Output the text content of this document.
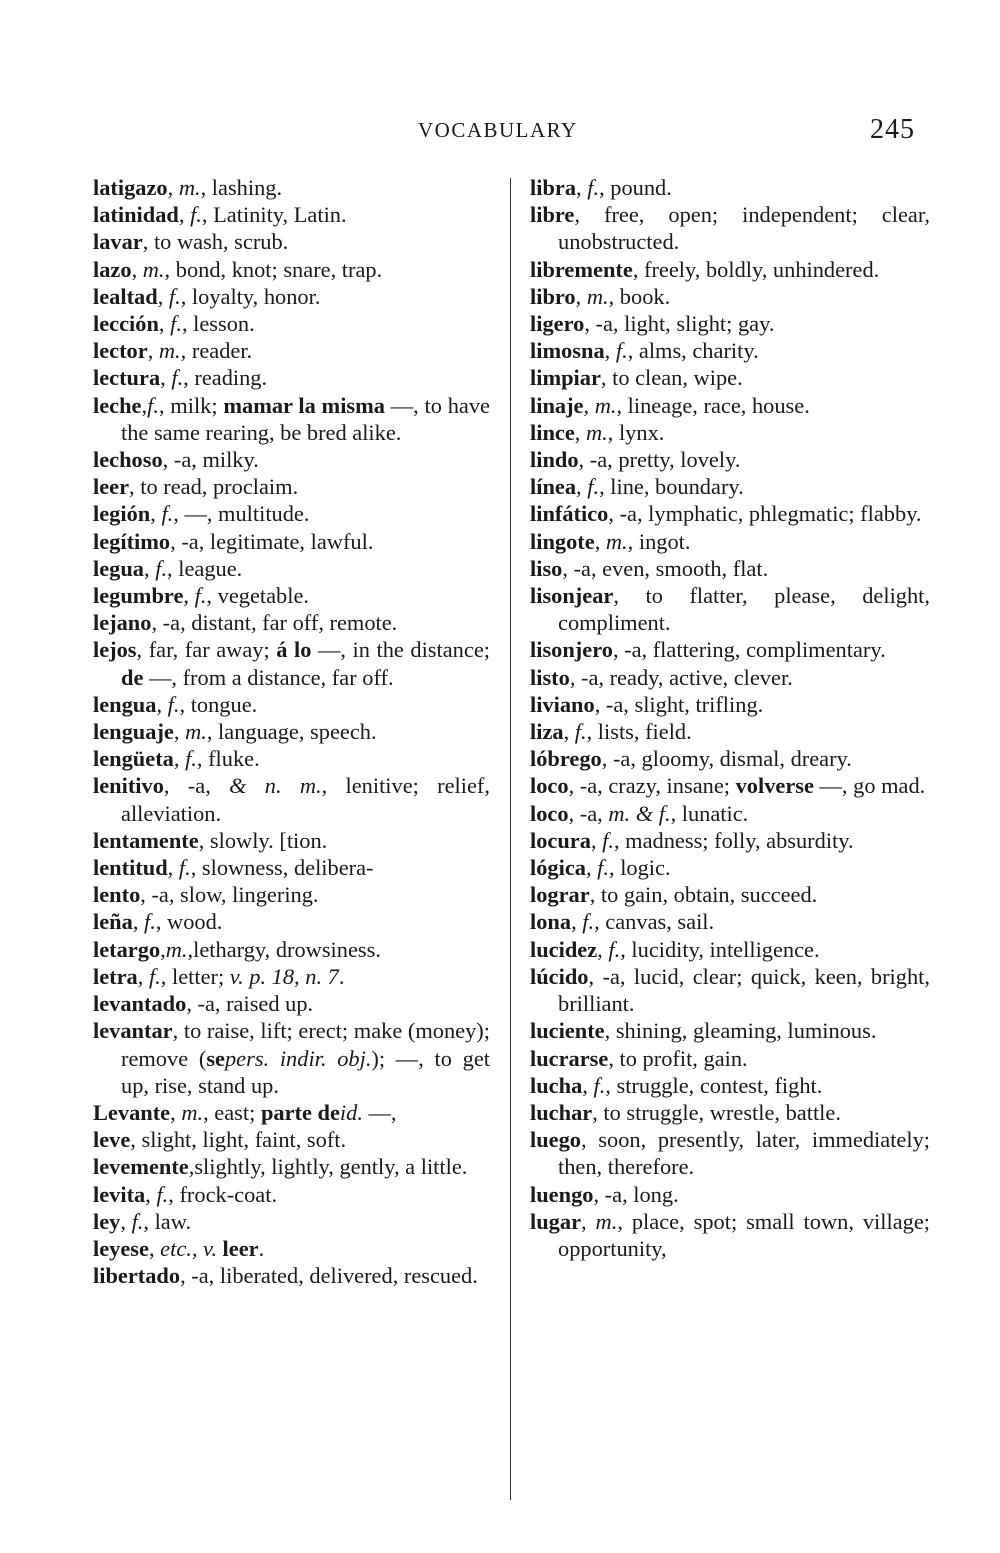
VOCABULARY	245
latigazo, m., lashing.
latinidad, f., Latinity, Latin.
lavar, to wash, scrub.
lazo, m., bond, knot; snare, trap.
lealtad, f., loyalty, honor.
lección, f., lesson.
lector, m., reader.
lectura, f., reading.
leche,f., milk; mamar la misma —, to have the same rearing, be bred alike.
lechoso, -a, milky.
leer, to read, proclaim.
legión, f., —, multitude.
legítimo, -a, legitimate, lawful.
legua, f., league.
legumbre, f., vegetable.
lejano, -a, distant, far off, remote.
lejos, far, far away; á lo —, in the distance; de —, from a distance, far off.
lengua, f., tongue.
lenguaje, m., language, speech.
lengüeta, f., fluke.
lenitivo, -a, & n. m., lenitive; relief, alleviation.
lentamente, slowly. [tion.
lentitud, f., slowness, delibera-
lento, -a, slow, lingering.
leña, f., wood.
letargo,m.,lethargy, drowsiness.
letra, f., letter; v. p. 18, n. 7.
levantado, -a, raised up.
levantar, to raise, lift; erect; make (money); remove (sepers. indir. obj.); —, to get up, rise, stand up.
Levante, m., east; parte deid. —,
leve, slight, light, faint, soft.
levemente,slightly, lightly, gently, a little.
levita, f., frock-coat.
ley, f., law.
leyese, etc., v. leer.
libertado, -a, liberated, delivered, rescued.
libra, f., pound.
libre, free, open; independent; clear, unobstructed.
libremente, freely, boldly, unhindered.
libro, m., book.
ligero, -a, light, slight; gay.
limosna, f., alms, charity.
limpiar, to clean, wipe.
linaje, m., lineage, race, house.
lince, m., lynx.
lindo, -a, pretty, lovely.
línea, f., line, boundary.
linfático, -a, lymphatic, phlegmatic; flabby.
lingote, m., ingot.
liso, -a, even, smooth, flat.
lisonjear, to flatter, please, delight, compliment.
lisonjero, -a, flattering, complimentary.
listo, -a, ready, active, clever.
liviano, -a, slight, trifling.
liza, f., lists, field.
lóbrego, -a, gloomy, dismal, dreary.
loco, -a, crazy, insane; volverse —, go mad.
loco, -a, m. & f., lunatic.
locura, f., madness; folly, absurdity.
lógica, f., logic.
lograr, to gain, obtain, succeed.
lona, f., canvas, sail.
lucidez, f., lucidity, intelligence.
lúcido, -a, lucid, clear; quick, keen, bright, brilliant.
luciente, shining, gleaming, luminous.
lucrarse, to profit, gain.
lucha, f., struggle, contest, fight.
luchar, to struggle, wrestle, battle.
luego, soon, presently, later, immediately; then, therefore.
luengo, -a, long.
lugar, m., place, spot; small town, village; opportunity,
